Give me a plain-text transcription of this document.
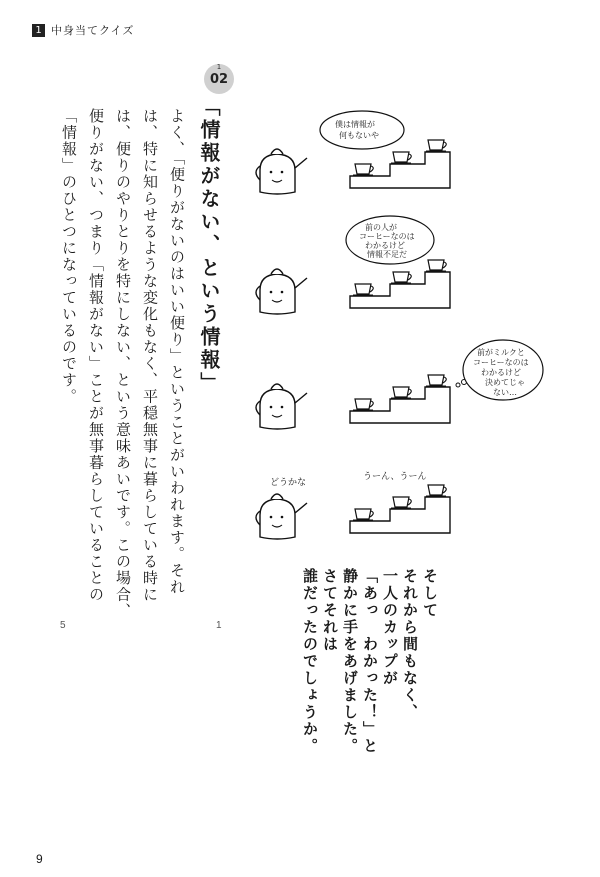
1 中身当てクイズ
1
02
「情報がない、という情報」
よく、「便りがないのはいい便り」ということがいわれます。それは、特に知らせるような変化もなく、平穏無事に暮らしている時には、便りのやりとりを特にしない、という意味あいです。この場合、便りがない、つまり「情報がない」ことが無事暮らしていることの「情報」のひとつになっているのです。
5	1
僕は情報が
何もないや
前の人が
コーヒーなのは
わかるけど
情報不足だ
前がミルクと
コーヒーなのは
わかるけど
決めてじゃ
ない…
どうかな
うーん、うーん
そして
それから間もなく、
一人のカップが
「あっ　わかった！」と
静かに手をあげました。
さてそれは
誰だったのでしょうか。
9
